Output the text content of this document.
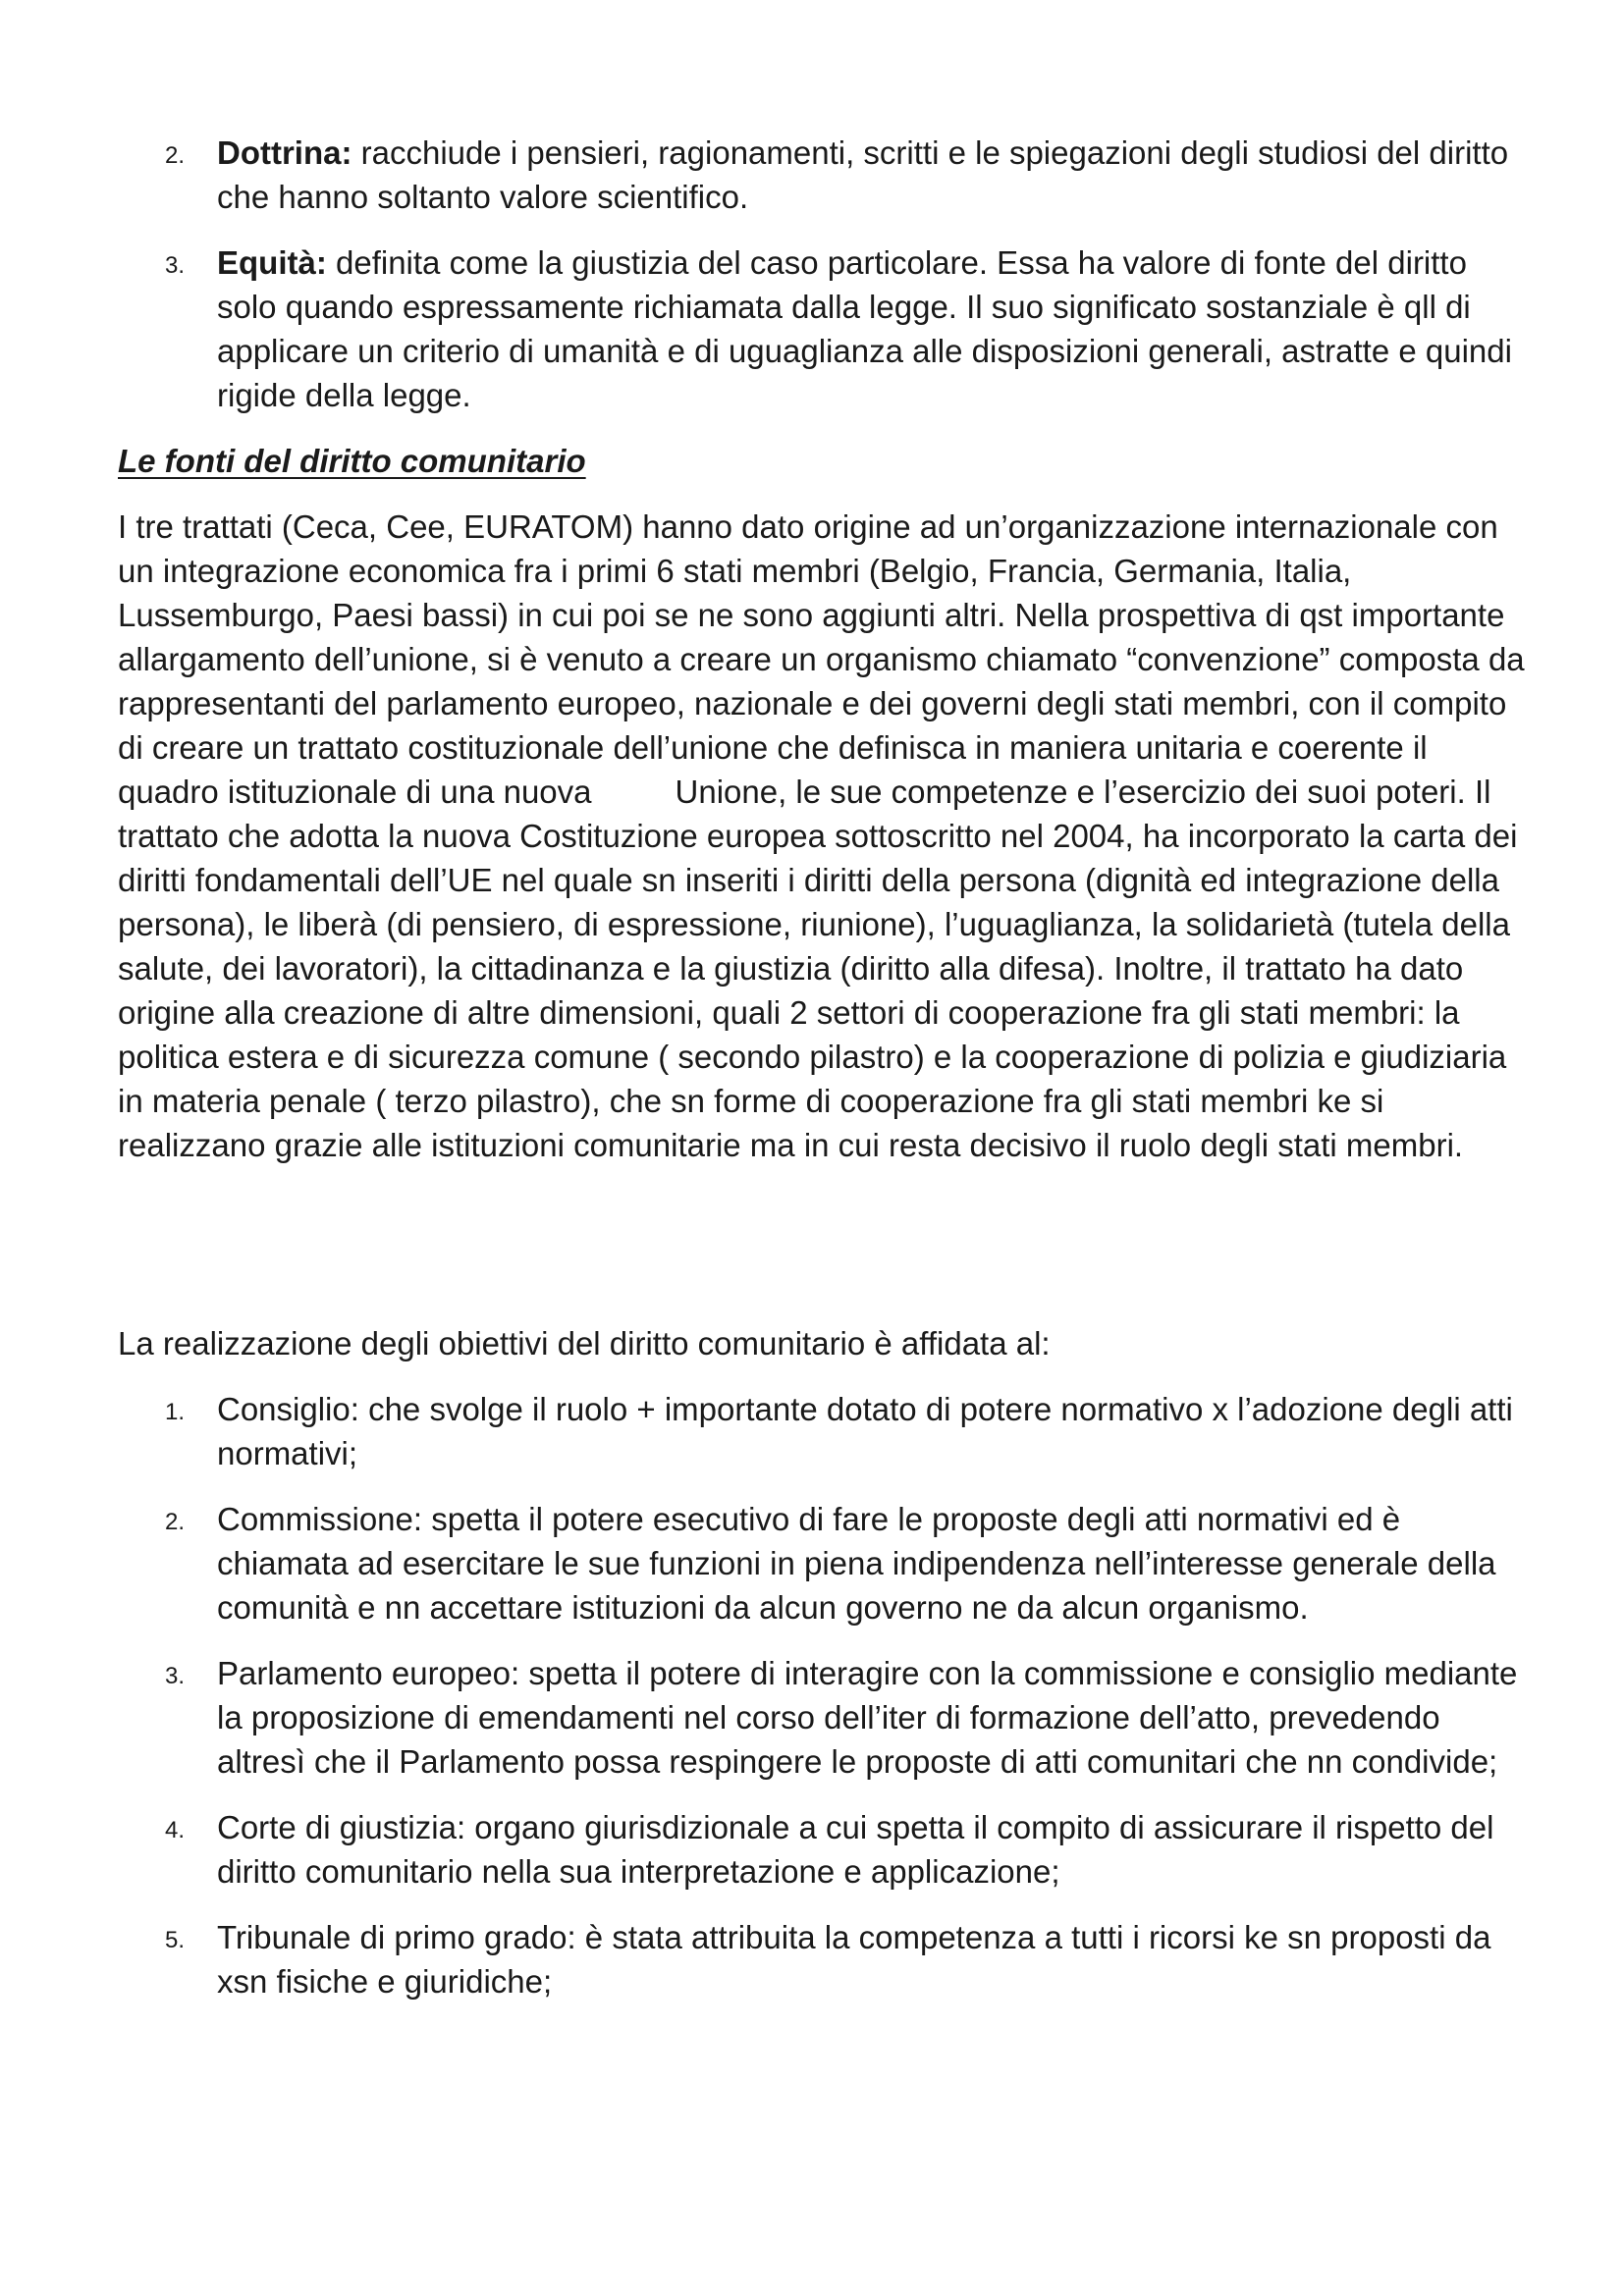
2. Dottrina: racchiude i pensieri, ragionamenti, scritti e le spiegazioni degli studiosi del diritto che hanno soltanto valore scientifico.
3. Equità: definita come la giustizia del caso particolare. Essa ha valore di fonte del diritto solo quando espressamente richiamata dalla legge. Il suo significato sostanziale è qll di applicare un criterio di umanità e di uguaglianza alle disposizioni generali, astratte e quindi rigide della legge.
Le fonti del diritto comunitario

I tre trattati (Ceca, Cee, EURATOM) hanno dato origine ad un’organizzazione internazionale con un integrazione economica fra i primi 6 stati membri (Belgio, Francia, Germania, Italia, Lussemburgo, Paesi bassi) in cui poi se ne sono aggiunti altri. Nella prospettiva di qst importante allargamento dell’unione, si è venuto a creare un organismo chiamato “convenzione” composta da rappresentanti del parlamento europeo, nazionale e dei governi degli stati membri, con il compito di creare un trattato costituzionale dell’unione che definisca in maniera unitaria e coerente il quadro istituzionale di una nuova	Unione, le sue competenze e l’esercizio dei suoi poteri. Il trattato che adotta la nuova Costituzione europea sottoscritto nel 2004, ha incorporato la carta dei diritti fondamentali dell’UE nel quale sn inseriti i diritti della persona (dignità ed integrazione della persona), le liberà (di pensiero, di espressione, riunione), l’uguaglianza, la solidarietà (tutela della salute, dei lavoratori), la cittadinanza e la giustizia (diritto alla difesa). Inoltre, il trattato ha dato origine alla creazione di altre dimensioni, quali 2 settori di cooperazione fra gli stati membri: la politica estera e di sicurezza comune ( secondo pilastro) e la cooperazione di polizia e giudiziaria in materia penale ( terzo pilastro), che sn forme di cooperazione fra gli stati membri ke si realizzano grazie alle istituzioni comunitarie ma in cui resta decisivo il ruolo degli stati membri.

La realizzazione degli obiettivi del diritto comunitario è affidata al:

1. Consiglio: che svolge il ruolo + importante dotato di potere normativo x l’adozione degli atti normativi;
2. Commissione: spetta il potere esecutivo di fare le proposte degli atti normativi ed è chiamata ad esercitare le sue funzioni in piena indipendenza nell’interesse generale della comunità e nn accettare istituzioni da alcun governo ne da alcun organismo.
3. Parlamento europeo: spetta il potere di interagire con la commissione e consiglio mediante la proposizione di emendamenti nel corso dell’iter di formazione dell’atto, prevedendo altresì che il Parlamento possa respingere le proposte di atti comunitari che nn condivide;
4. Corte di giustizia: organo giurisdizionale a cui spetta il compito di assicurare il rispetto del diritto comunitario nella sua interpretazione e applicazione;
5. Tribunale di primo grado: è stata attribuita la competenza a tutti i ricorsi ke sn proposti da xsn fisiche e giuridiche;
